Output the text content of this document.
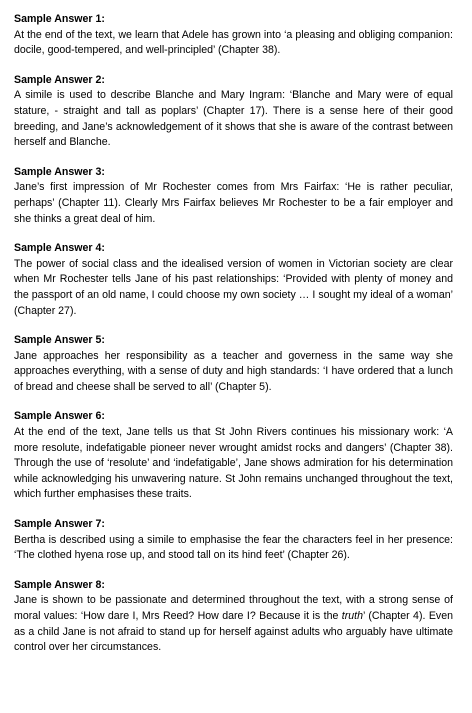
Sample Answer 1:
At the end of the text, we learn that Adele has grown into ‘a pleasing and obliging companion: docile, good-tempered, and well-principled’ (Chapter 38).
Sample Answer 2:
A simile is used to describe Blanche and Mary Ingram: ‘Blanche and Mary were of equal stature, - straight and tall as poplars’ (Chapter 17). There is a sense here of their good breeding, and Jane’s acknowledgement of it shows that she is aware of the contrast between herself and Blanche.
Sample Answer 3:
Jane’s first impression of Mr Rochester comes from Mrs Fairfax: ‘He is rather peculiar, perhaps’ (Chapter 11). Clearly Mrs Fairfax believes Mr Rochester to be a fair employer and she thinks a great deal of him.
Sample Answer 4:
The power of social class and the idealised version of women in Victorian society are clear when Mr Rochester tells Jane of his past relationships: ‘Provided with plenty of money and the passport of an old name, I could choose my own society … I sought my ideal of a woman’ (Chapter 27).
Sample Answer 5:
Jane approaches her responsibility as a teacher and governess in the same way she approaches everything, with a sense of duty and high standards: ‘I have ordered that a lunch of bread and cheese shall be served to all’ (Chapter 5).
Sample Answer 6:
At the end of the text, Jane tells us that St John Rivers continues his missionary work: ‘A more resolute, indefatigable pioneer never wrought amidst rocks and dangers’ (Chapter 38). Through the use of ‘resolute’ and ‘indefatigable’, Jane shows admiration for his determination while acknowledging his unwavering nature. St John remains unchanged throughout the text, which further emphasises these traits.
Sample Answer 7:
Bertha is described using a simile to emphasise the fear the characters feel in her presence: ‘The clothed hyena rose up, and stood tall on its hind feet’ (Chapter 26).
Sample Answer 8:
Jane is shown to be passionate and determined throughout the text, with a strong sense of moral values: ‘How dare I, Mrs Reed? How dare I? Because it is the truth’ (Chapter 4). Even as a child Jane is not afraid to stand up for herself against adults who arguably have ultimate control over her circumstances.
